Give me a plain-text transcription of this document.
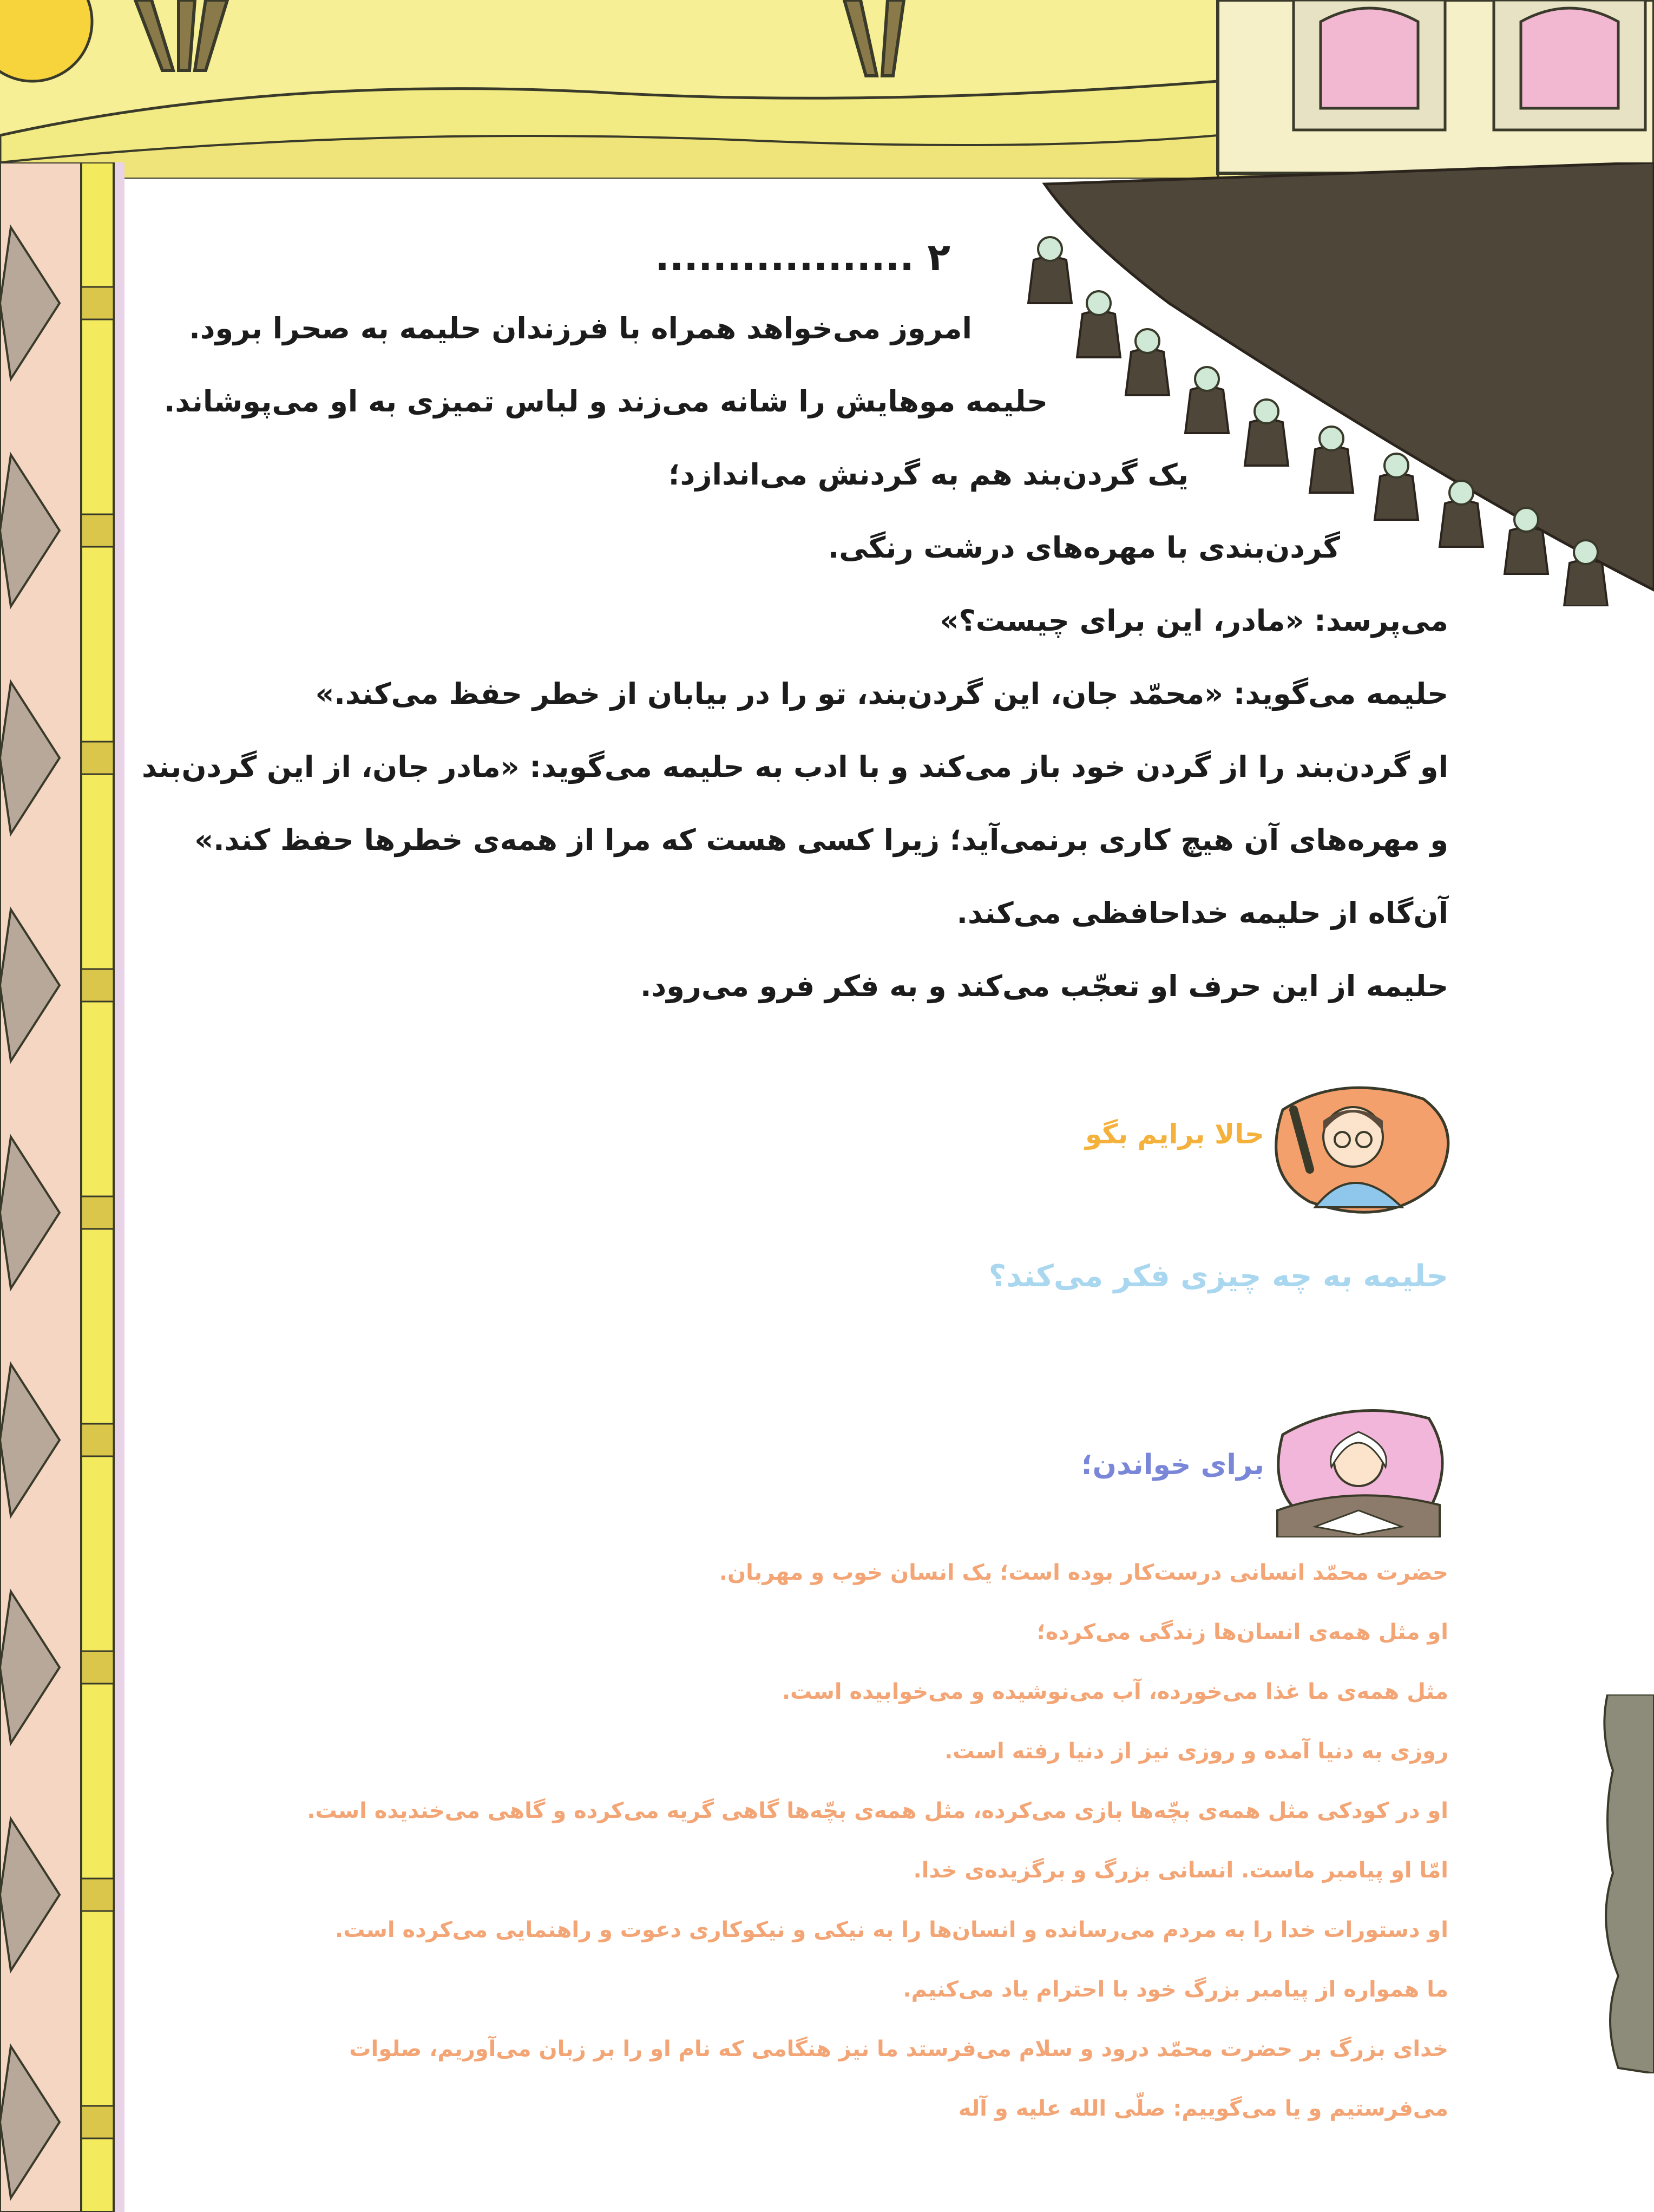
۲ ..................

امروز می‌خواهد همراه با فرزندان حلیمه به صحرا برود.

حلیمه موهایش را شانه می‌زند و لباس تمیزی به او می‌پوشاند.

یک گردن‌بند هم به گردنش می‌اندازد؛

گردن‌بندی با مهره‌های درشت رنگی.

می‌پرسد: «مادر، این برای چیست؟»

حلیمه می‌گوید: «محمّد جان، این گردن‌بند، تو را در بیابان از خطر حفظ می‌کند.»

او گردن‌بند را از گردن خود باز می‌کند و با ادب به حلیمه می‌گوید: «مادر جان، از این گردن‌بند

و مهره‌های آن هیچ کاری برنمی‌آید؛ زیرا کسی هست که مرا از همه‌ی خطرها حفظ کند.»

آن‌گاه از حلیمه خداحافظی می‌کند.

حلیمه از این حرف او تعجّب می‌کند و به فکر فرو می‌رود.

حالا برایم بگو

حلیمه به چه چیزی فکر می‌کند؟

برای خواندن؛

حضرت محمّد انسانی درست‌کار بوده است؛ یک انسان خوب و مهربان.

او مثل همه‌ی انسان‌ها زندگی می‌کرده؛

مثل همه‌ی ما غذا می‌خورده، آب می‌نوشیده و می‌خوابیده است.

روزی به دنیا آمده و روزی نیز از دنیا رفته است.

او در کودکی مثل همه‌ی بچّه‌ها بازی می‌کرده، مثل همه‌ی بچّه‌ها گاهی گریه می‌کرده و گاهی می‌خندیده است.

امّا او پیامبر ماست. انسانی بزرگ و برگزیده‌ی خدا.

او دستورات خدا را به مردم می‌رسانده و انسان‌ها را به نیکی و نیکوکاری دعوت و راهنمایی می‌کرده است.

ما همواره از پیامبر بزرگ خود با احترام یاد می‌کنیم.

خدای بزرگ بر حضرت محمّد درود و سلام می‌فرستد ما نیز هنگامی که نام او را بر زبان می‌آوریم، صلوات

می‌فرستیم و یا می‌گوییم: صلّی الله علیه و آله
